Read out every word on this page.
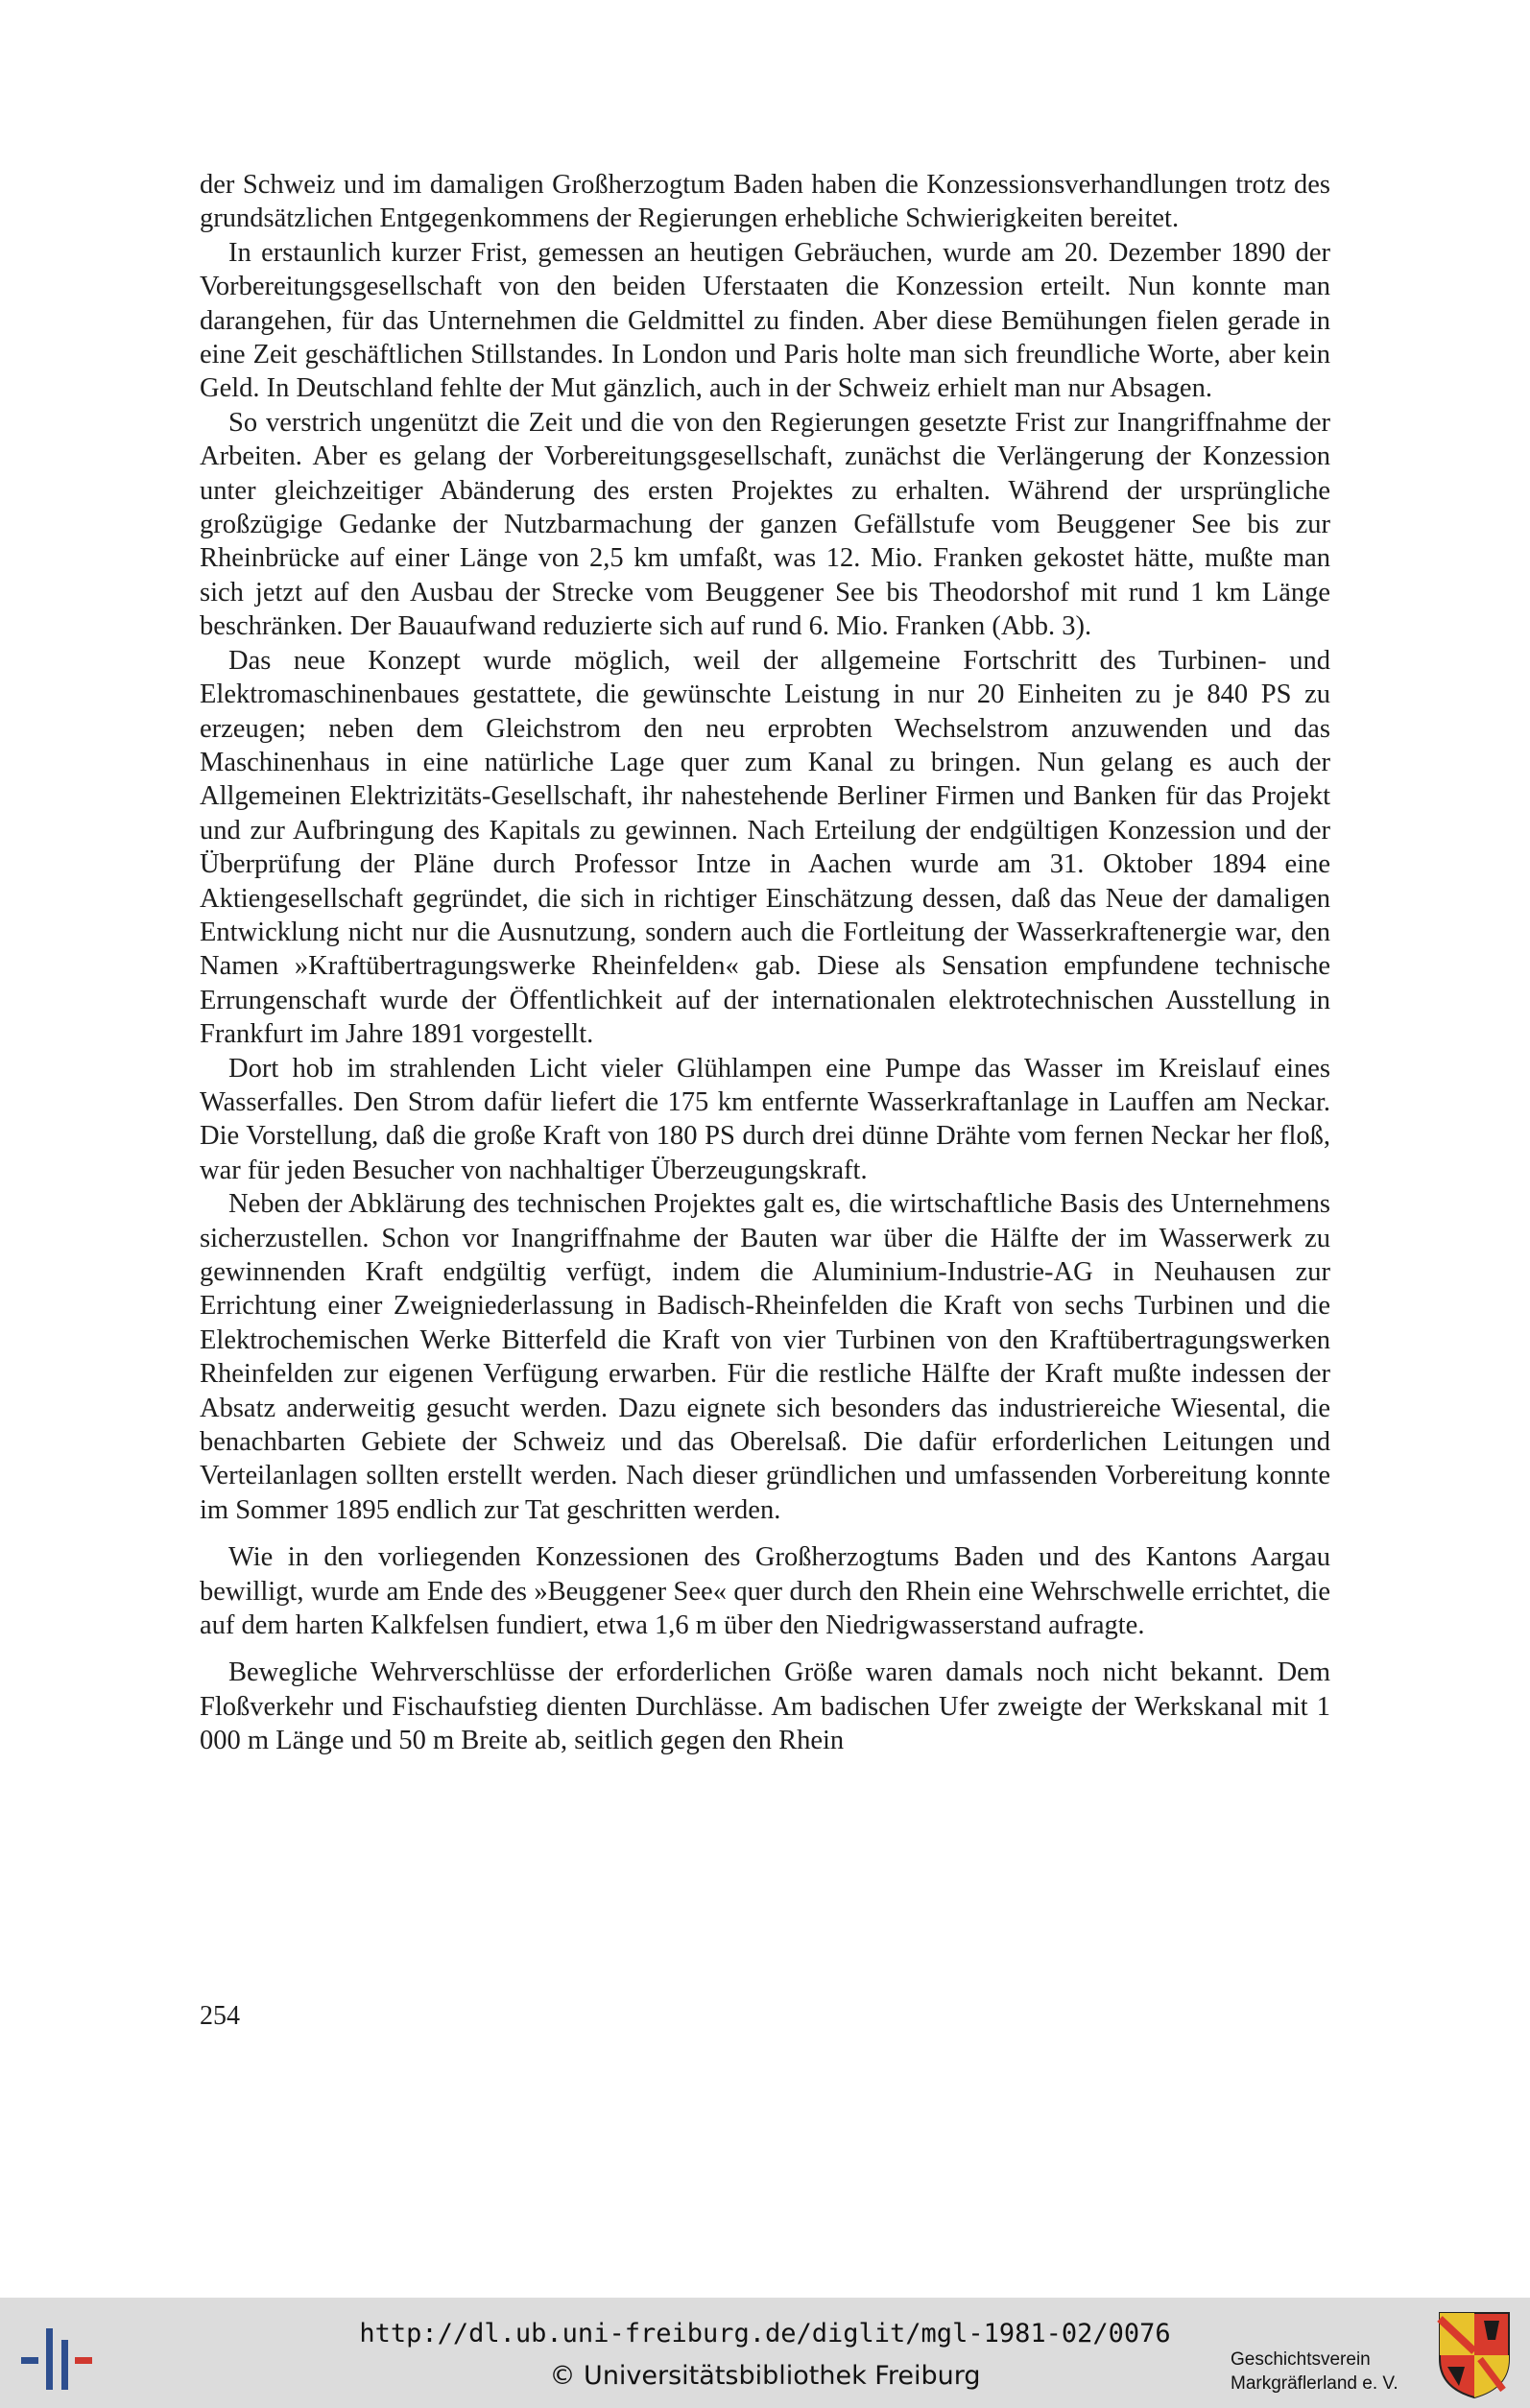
der Schweiz und im damaligen Großherzogtum Baden haben die Konzessionsverhandlungen trotz des grundsätzlichen Entgegenkommens der Regierungen erhebliche Schwierigkeiten bereitet.

In erstaunlich kurzer Frist, gemessen an heutigen Gebräuchen, wurde am 20. Dezember 1890 der Vorbereitungsgesellschaft von den beiden Uferstaaten die Konzession erteilt. Nun konnte man darangehen, für das Unternehmen die Geldmittel zu finden. Aber diese Bemühungen fielen gerade in eine Zeit geschäftlichen Stillstandes. In London und Paris holte man sich freundliche Worte, aber kein Geld. In Deutschland fehlte der Mut gänzlich, auch in der Schweiz erhielt man nur Absagen.

So verstrich ungenützt die Zeit und die von den Regierungen gesetzte Frist zur Inangriffnahme der Arbeiten. Aber es gelang der Vorbereitungsgesellschaft, zunächst die Verlängerung der Konzession unter gleichzeitiger Abänderung des ersten Projektes zu erhalten. Während der ursprüngliche großzügige Gedanke der Nutzbarmachung der ganzen Gefällstufe vom Beuggener See bis zur Rheinbrücke auf einer Länge von 2,5 km umfaßt, was 12. Mio. Franken gekostet hätte, mußte man sich jetzt auf den Ausbau der Strecke vom Beuggener See bis Theodorshof mit rund 1 km Länge beschränken. Der Bauaufwand reduzierte sich auf rund 6. Mio. Franken (Abb. 3).

Das neue Konzept wurde möglich, weil der allgemeine Fortschritt des Turbinen- und Elektromaschinenbaues gestattete, die gewünschte Leistung in nur 20 Einheiten zu je 840 PS zu erzeugen; neben dem Gleichstrom den neu erprobten Wechselstrom anzuwenden und das Maschinenhaus in eine natürliche Lage quer zum Kanal zu bringen. Nun gelang es auch der Allgemeinen Elektrizitäts-Gesellschaft, ihr nahestehende Berliner Firmen und Banken für das Projekt und zur Aufbringung des Kapitals zu gewinnen. Nach Erteilung der endgültigen Konzession und der Überprüfung der Pläne durch Professor Intze in Aachen wurde am 31. Oktober 1894 eine Aktiengesellschaft gegründet, die sich in richtiger Einschätzung dessen, daß das Neue der damaligen Entwicklung nicht nur die Ausnutzung, sondern auch die Fortleitung der Wasserkraftenergie war, den Namen »Kraftübertragungswerke Rheinfelden« gab. Diese als Sensation empfundene technische Errungenschaft wurde der Öffentlichkeit auf der internationalen elektrotechnischen Ausstellung in Frankfurt im Jahre 1891 vorgestellt.

Dort hob im strahlenden Licht vieler Glühlampen eine Pumpe das Wasser im Kreislauf eines Wasserfalles. Den Strom dafür liefert die 175 km entfernte Wasserkraftanlage in Lauffen am Neckar. Die Vorstellung, daß die große Kraft von 180 PS durch drei dünne Drähte vom fernen Neckar her floß, war für jeden Besucher von nachhaltiger Überzeugungskraft.

Neben der Abklärung des technischen Projektes galt es, die wirtschaftliche Basis des Unternehmens sicherzustellen. Schon vor Inangriffnahme der Bauten war über die Hälfte der im Wasserwerk zu gewinnenden Kraft endgültig verfügt, indem die Aluminium-Industrie-AG in Neuhausen zur Errichtung einer Zweigniederlassung in Badisch-Rheinfelden die Kraft von sechs Turbinen und die Elektrochemischen Werke Bitterfeld die Kraft von vier Turbinen von den Kraftübertragungswerken Rheinfelden zur eigenen Verfügung erwarben. Für die restliche Hälfte der Kraft mußte indessen der Absatz anderweitig gesucht werden. Dazu eignete sich besonders das industriereiche Wiesental, die benachbarten Gebiete der Schweiz und das Oberelsaß. Die dafür erforderlichen Leitungen und Verteilanlagen sollten erstellt werden. Nach dieser gründlichen und umfassenden Vorbereitung konnte im Sommer 1895 endlich zur Tat geschritten werden.

Wie in den vorliegenden Konzessionen des Großherzogtums Baden und des Kantons Aargau bewilligt, wurde am Ende des »Beuggener See« quer durch den Rhein eine Wehrschwelle errichtet, die auf dem harten Kalkfelsen fundiert, etwa 1,6 m über den Niedrigwasserstand aufragte.

Bewegliche Wehrverschlüsse der erforderlichen Größe waren damals noch nicht bekannt. Dem Floßverkehr und Fischaufstieg dienten Durchlässe. Am badischen Ufer zweigte der Werkskanal mit 1 000 m Länge und 50 m Breite ab, seitlich gegen den Rhein

254
http://dl.ub.uni-freiburg.de/diglit/mgl-1981-02/0076
© Universitätsbibliothek Freiburg
Geschichtsverein
Markgräflerland e. V.
